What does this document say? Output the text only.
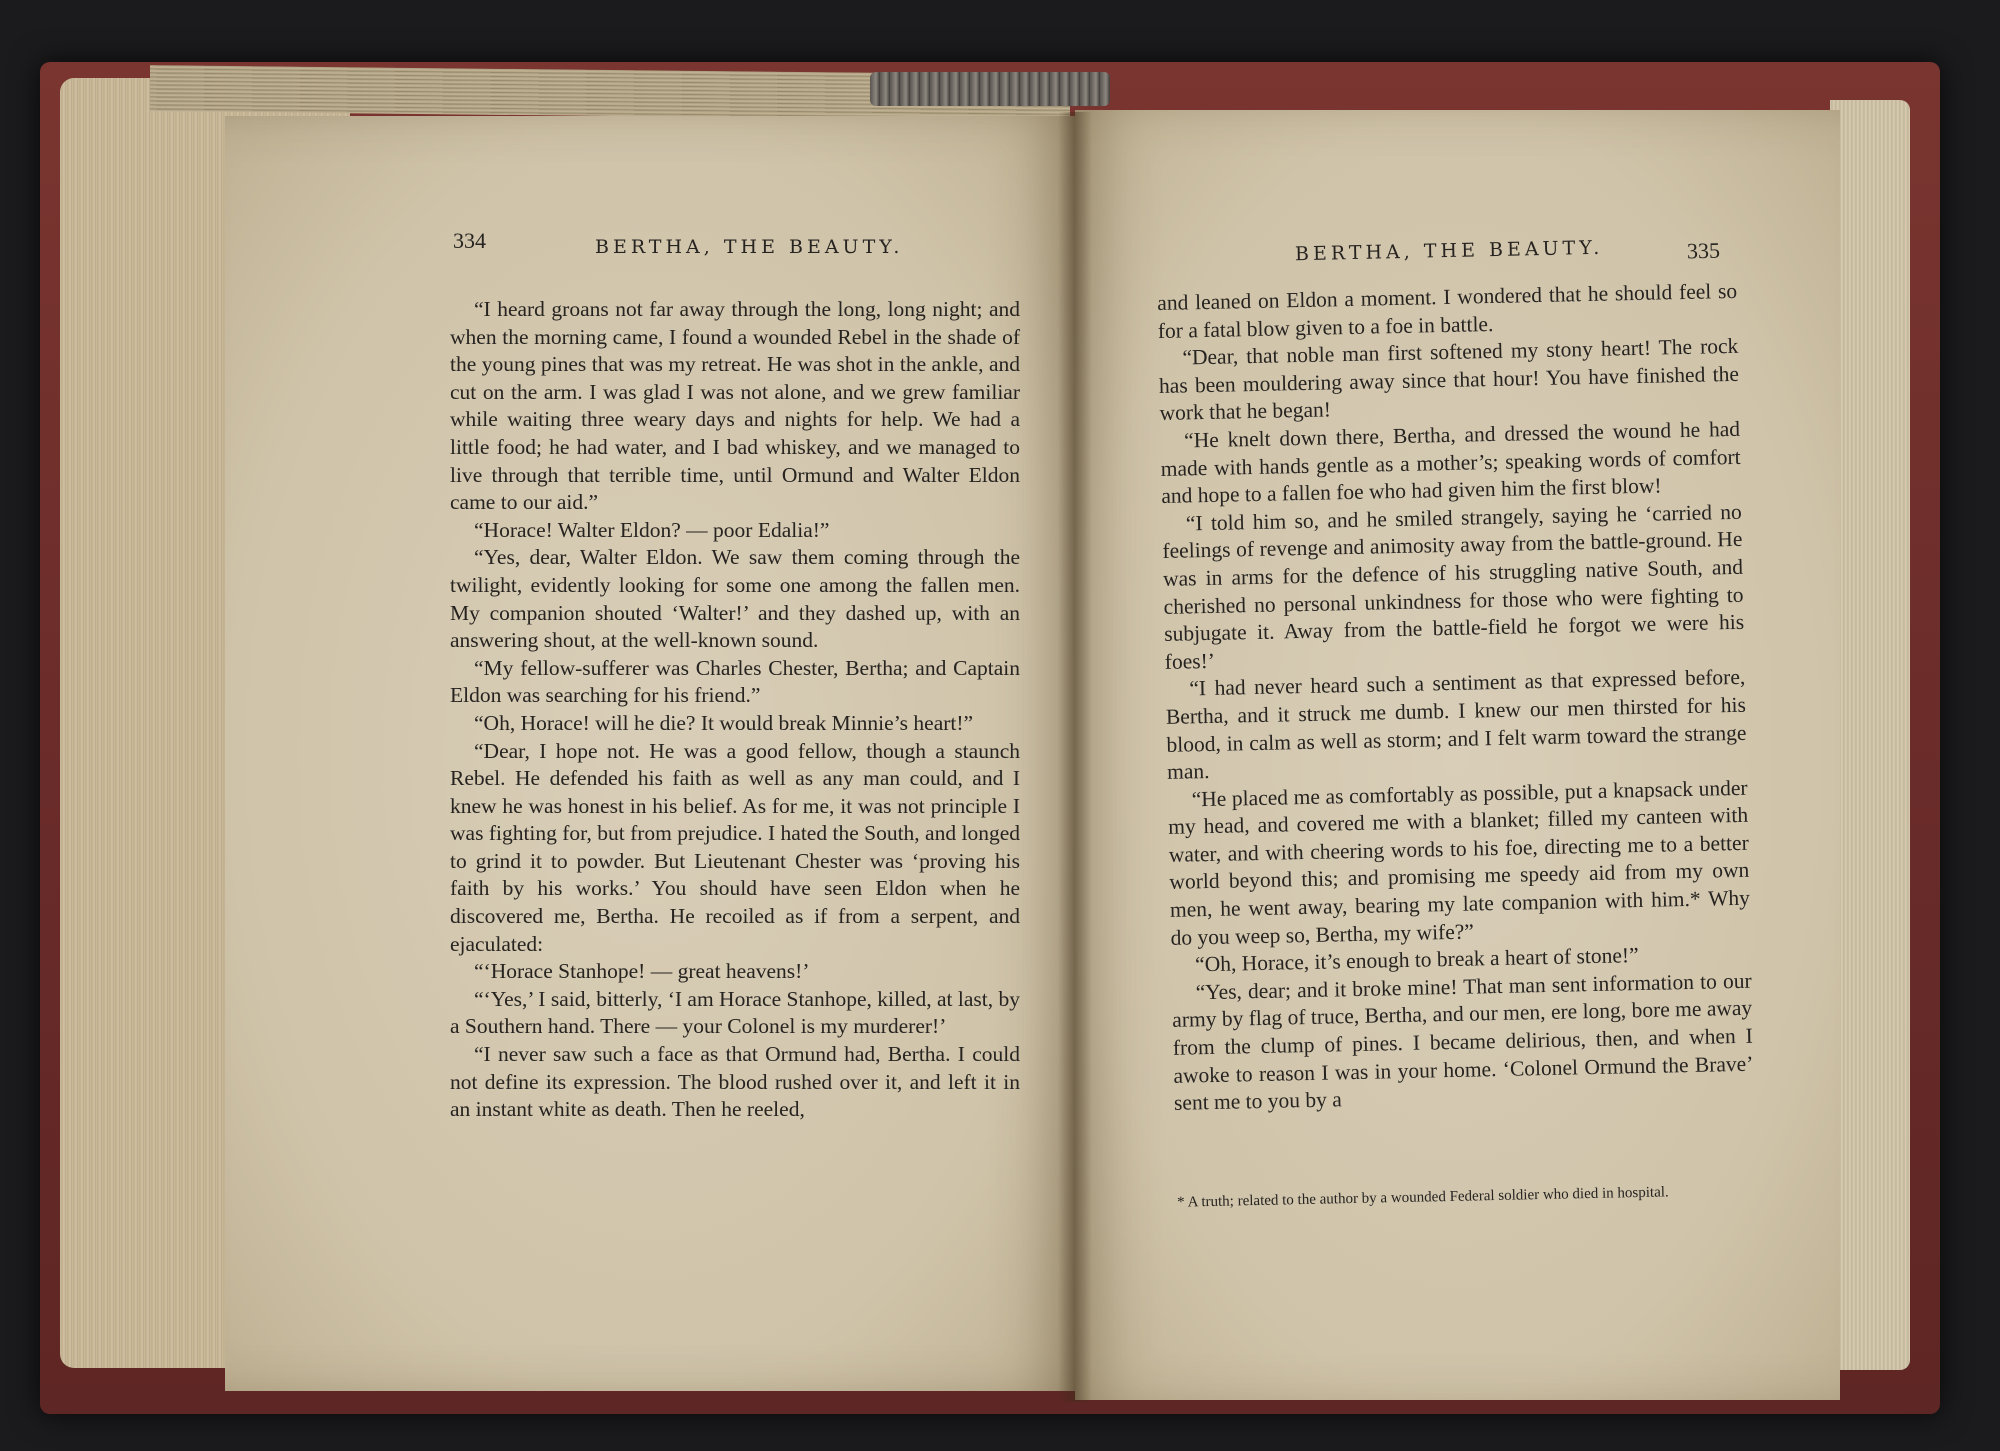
334	BERTHA, THE BEAUTY.

“I heard groans not far away through the long, long night; and when the morning came, I found a wounded Rebel in the shade of the young pines that was my retreat. He was shot in the ankle, and cut on the arm. I was glad I was not alone, and we grew familiar while waiting three weary days and nights for help. We had a little food; he had water, and I bad whiskey, and we managed to live through that terrible time, until Ormund and Walter Eldon came to our aid.”

“Horace! Walter Eldon? — poor Edalia!”

“Yes, dear, Walter Eldon. We saw them coming through the twilight, evidently looking for some one among the fallen men. My companion shouted ‘Walter!’ and they dashed up, with an answering shout, at the well-known sound.

“My fellow-sufferer was Charles Chester, Bertha; and Captain Eldon was searching for his friend.”

“Oh, Horace! will he die? It would break Minnie’s heart!”

“Dear, I hope not. He was a good fellow, though a staunch Rebel. He defended his faith as well as any man could, and I knew he was honest in his belief. As for me, it was not principle I was fighting for, but from prejudice. I hated the South, and longed to grind it to powder. But Lieutenant Chester was ‘proving his faith by his works.’ You should have seen Eldon when he discovered me, Bertha. He recoiled as if from a serpent, and ejaculated:

“‘Horace Stanhope! — great heavens!’

“‘Yes,’ I said, bitterly, ‘I am Horace Stanhope, killed, at last, by a Southern hand. There — your Colonel is my murderer!’

“I never saw such a face as that Ormund had, Bertha. I could not define its expression. The blood rushed over it, and left it in an instant white as death. Then he reeled,

BERTHA, THE BEAUTY.	335

and leaned on Eldon a moment. I wondered that he should feel so for a fatal blow given to a foe in battle.

“Dear, that noble man first softened my stony heart! The rock has been mouldering away since that hour! You have finished the work that he began!

“He knelt down there, Bertha, and dressed the wound he had made with hands gentle as a mother’s; speaking words of comfort and hope to a fallen foe who had given him the first blow!

“I told him so, and he smiled strangely, saying he ‘carried no feelings of revenge and animosity away from the battle-ground. He was in arms for the defence of his struggling native South, and cherished no personal unkindness for those who were fighting to subjugate it. Away from the battle-field he forgot we were his foes!’

“I had never heard such a sentiment as that expressed before, Bertha, and it struck me dumb. I knew our men thirsted for his blood, in calm as well as storm; and I felt warm toward the strange man.

“He placed me as comfortably as possible, put a knapsack under my head, and covered me with a blanket; filled my canteen with water, and with cheering words to his foe, directing me to a better world beyond this; and promising me speedy aid from my own men, he went away, bearing my late companion with him.* Why do you weep so, Bertha, my wife?”

“Oh, Horace, it’s enough to break a heart of stone!”

“Yes, dear; and it broke mine! That man sent information to our army by flag of truce, Bertha, and our men, ere long, bore me away from the clump of pines. I became delirious, then, and when I awoke to reason I was in your home. ‘Colonel Ormund the Brave’ sent me to you by a

* A truth; related to the author by a wounded Federal soldier who died in hospital.
